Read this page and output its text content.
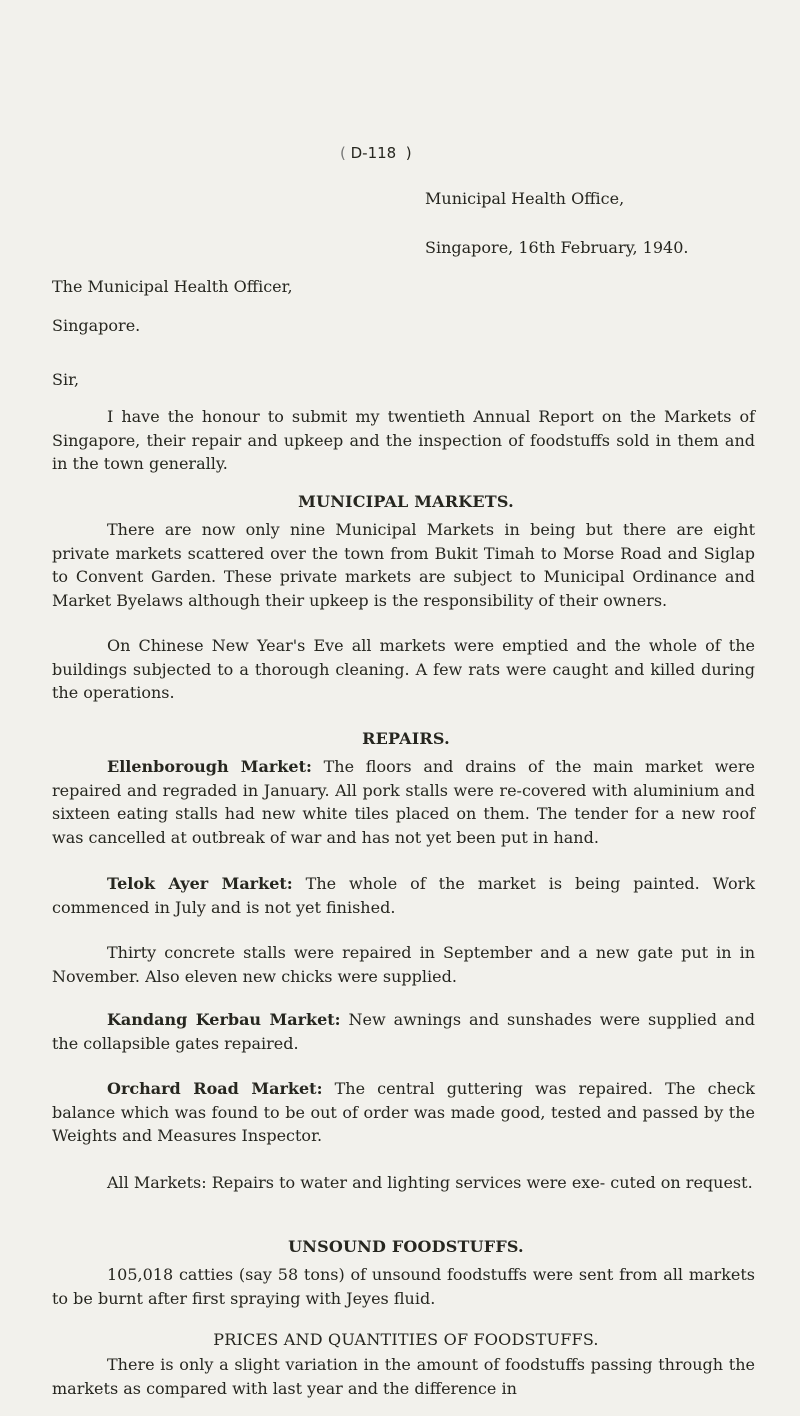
( D-118  )
Municipal Health Office,
Singapore, 16th February, 1940.
The Municipal Health Officer,
Singapore.
Sir,

I have the honour to submit my twentieth Annual Report on the Markets of Singapore, their repair and upkeep and the inspection of foodstuffs sold in them and in the town generally.

MUNICIPAL MARKETS.

There are now only nine Municipal Markets in being but there are eight private markets scattered over the town from Bukit Timah to Morse Road and Siglap to Convent Garden. These private markets are subject to Municipal Ordinance and Market Byelaws although their upkeep is the responsibility of their owners.

On Chinese New Year's Eve all markets were emptied and the whole of the buildings subjected to a thorough cleaning. A few rats were caught and killed during the operations.

REPAIRS.

Ellenborough Market: The floors and drains of the main market were repaired and regraded in January. All pork stalls were re-covered with aluminium and sixteen eating stalls had new white tiles placed on them. The tender for a new roof was cancelled at outbreak of war and has not yet been put in hand.

Telok Ayer Market: The whole of the market is being painted. Work commenced in July and is not yet finished.

Thirty concrete stalls were repaired in September and a new gate put in in November. Also eleven new chicks were supplied.

Kandang Kerbau Market: New awnings and sunshades were supplied and the collapsible gates repaired.

Orchard Road Market: The central guttering was repaired. The check balance which was found to be out of order was made good, tested and passed by the Weights and Measures Inspector.

All Markets: Repairs to water and lighting services were exe- cuted on request.

UNSOUND FOODSTUFFS.

105,018 catties (say 58 tons) of unsound foodstuffs were sent from all markets to be burnt after first spraying with Jeyes fluid.

PRICES AND QUANTITIES OF FOODSTUFFS.

There is only a slight variation in the amount of foodstuffs passing through the markets as compared with last year and the difference in
